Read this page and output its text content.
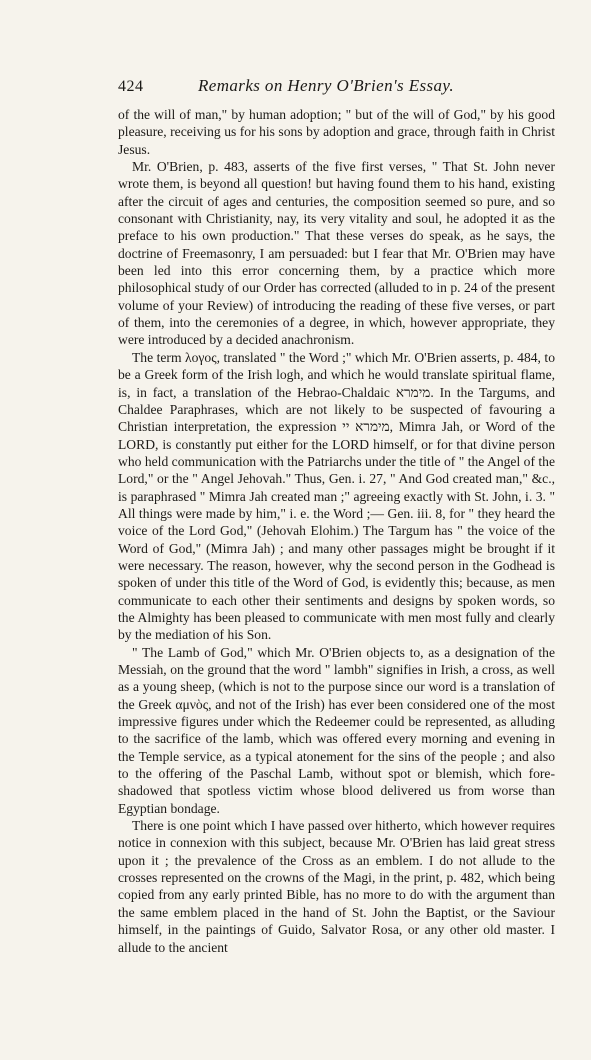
424	Remarks on Henry O'Brien's Essay.

of the will of man," by human adoption; " but of the will of God," by his good pleasure, receiving us for his sons by adoption and grace, through faith in Christ Jesus.

Mr. O'Brien, p. 483, asserts of the five first verses, " That St. John never wrote them, is beyond all question! but having found them to his hand, existing after the circuit of ages and centuries, the composition seemed so pure, and so consonant with Christianity, nay, its very vitality and soul, he adopted it as the preface to his own production." That these verses do speak, as he says, the doctrine of Freemasonry, I am persuaded: but I fear that Mr. O'Brien may have been led into this error concerning them, by a practice which more philosophical study of our Order has corrected (alluded to in p. 24 of the present volume of your Review) of introducing the reading of these five verses, or part of them, into the ceremonies of a degree, in which, however appropriate, they were introduced by a decided anachronism.

The term λογος, translated " the Word ;" which Mr. O'Brien asserts, p. 484, to be a Greek form of the Irish logh, and which he would translate spiritual flame, is, in fact, a translation of the Hebrao-Chaldaic מימרא. In the Targums, and Chaldee Paraphrases, which are not likely to be suspected of favouring a Christian interpretation, the expression מימרא יי, Mimra Jah, or Word of the LORD, is constantly put either for the LORD himself, or for that divine person who held communication with the Patriarchs under the title of " the Angel of the Lord," or the " Angel Jehovah." Thus, Gen. i. 27, " And God created man," &c., is paraphrased " Mimra Jah created man ;" agreeing exactly with St. John, i. 3. " All things were made by him," i. e. the Word ;— Gen. iii. 8, for " they heard the voice of the Lord God," (Jehovah Elohim.) The Targum has " the voice of the Word of God," (Mimra Jah) ; and many other passages might be brought if it were necessary. The reason, however, why the second person in the Godhead is spoken of under this title of the Word of God, is evidently this; because, as men communicate to each other their sentiments and designs by spoken words, so the Almighty has been pleased to communicate with men most fully and clearly by the mediation of his Son.

" The Lamb of God," which Mr. O'Brien objects to, as a designation of the Messiah, on the ground that the word " lambh" signifies in Irish, a cross, as well as a young sheep, (which is not to the purpose since our word is a translation of the Greek αμνὸς, and not of the Irish) has ever been considered one of the most impressive figures under which the Redeemer could be represented, as alluding to the sacrifice of the lamb, which was offered every morning and evening in the Temple service, as a typical atonement for the sins of the people ; and also to the offering of the Paschal Lamb, without spot or blemish, which fore-shadowed that spotless victim whose blood delivered us from worse than Egyptian bondage.

There is one point which I have passed over hitherto, which however requires notice in connexion with this subject, because Mr. O'Brien has laid great stress upon it ; the prevalence of the Cross as an emblem. I do not allude to the crosses represented on the crowns of the Magi, in the print, p. 482, which being copied from any early printed Bible, has no more to do with the argument than the same emblem placed in the hand of St. John the Baptist, or the Saviour himself, in the paintings of Guido, Salvator Rosa, or any other old master. I allude to the ancient
